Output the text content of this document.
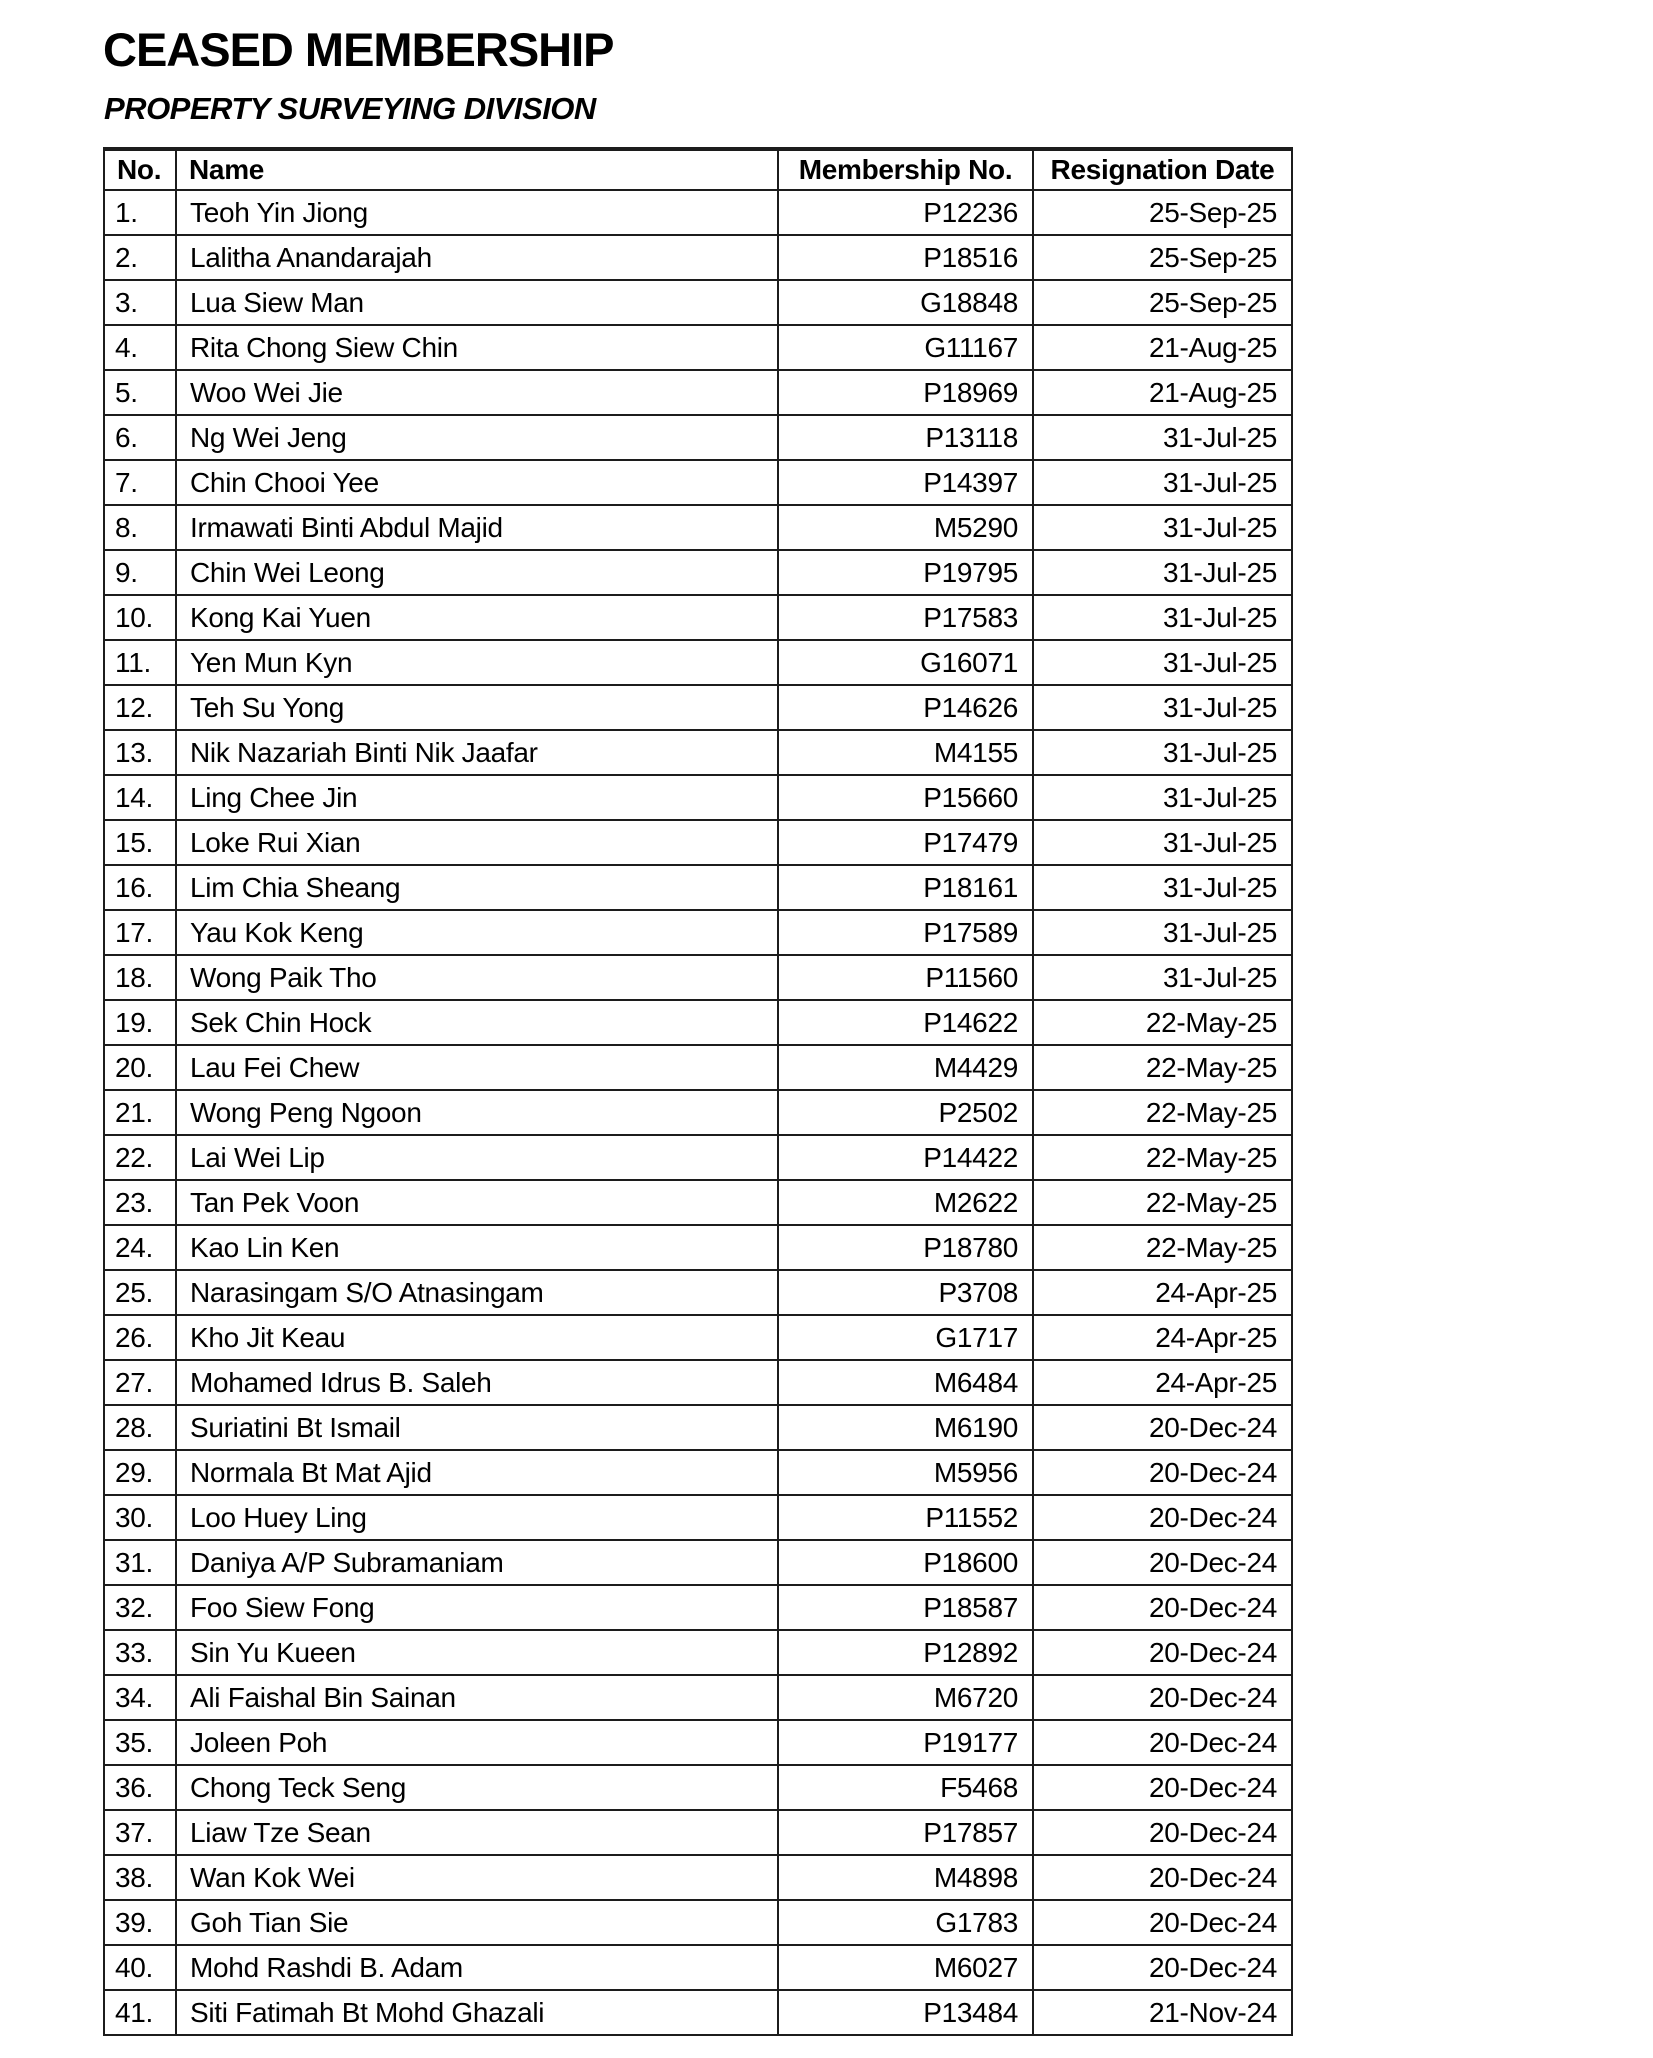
CEASED MEMBERSHIP
PROPERTY SURVEYING DIVISION
No.	Name	Membership No.	Resignation Date
1.	Teoh Yin Jiong	P12236	25-Sep-25
2.	Lalitha Anandarajah	P18516	25-Sep-25
3.	Lua Siew Man	G18848	25-Sep-25
4.	Rita Chong Siew Chin	G11167	21-Aug-25
5.	Woo Wei Jie	P18969	21-Aug-25
6.	Ng Wei Jeng	P13118	31-Jul-25
7.	Chin Chooi Yee	P14397	31-Jul-25
8.	Irmawati Binti Abdul Majid	M5290	31-Jul-25
9.	Chin Wei Leong	P19795	31-Jul-25
10.	Kong Kai Yuen	P17583	31-Jul-25
11.	Yen Mun Kyn	G16071	31-Jul-25
12.	Teh Su Yong	P14626	31-Jul-25
13.	Nik Nazariah Binti Nik Jaafar	M4155	31-Jul-25
14.	Ling Chee Jin	P15660	31-Jul-25
15.	Loke Rui Xian	P17479	31-Jul-25
16.	Lim Chia Sheang	P18161	31-Jul-25
17.	Yau Kok Keng	P17589	31-Jul-25
18.	Wong Paik Tho	P11560	31-Jul-25
19.	Sek Chin Hock	P14622	22-May-25
20.	Lau Fei Chew	M4429	22-May-25
21.	Wong Peng Ngoon	P2502	22-May-25
22.	Lai Wei Lip	P14422	22-May-25
23.	Tan Pek Voon	M2622	22-May-25
24.	Kao Lin Ken	P18780	22-May-25
25.	Narasingam S/O Atnasingam	P3708	24-Apr-25
26.	Kho Jit Keau	G1717	24-Apr-25
27.	Mohamed Idrus B. Saleh	M6484	24-Apr-25
28.	Suriatini Bt Ismail	M6190	20-Dec-24
29.	Normala Bt Mat Ajid	M5956	20-Dec-24
30.	Loo Huey Ling	P11552	20-Dec-24
31.	Daniya A/P Subramaniam	P18600	20-Dec-24
32.	Foo Siew Fong	P18587	20-Dec-24
33.	Sin Yu Kueen	P12892	20-Dec-24
34.	Ali Faishal Bin Sainan	M6720	20-Dec-24
35.	Joleen Poh	P19177	20-Dec-24
36.	Chong Teck Seng	F5468	20-Dec-24
37.	Liaw Tze Sean	P17857	20-Dec-24
38.	Wan Kok Wei	M4898	20-Dec-24
39.	Goh Tian Sie	G1783	20-Dec-24
40.	Mohd Rashdi B. Adam	M6027	20-Dec-24
41.	Siti Fatimah Bt Mohd Ghazali	P13484	21-Nov-24
